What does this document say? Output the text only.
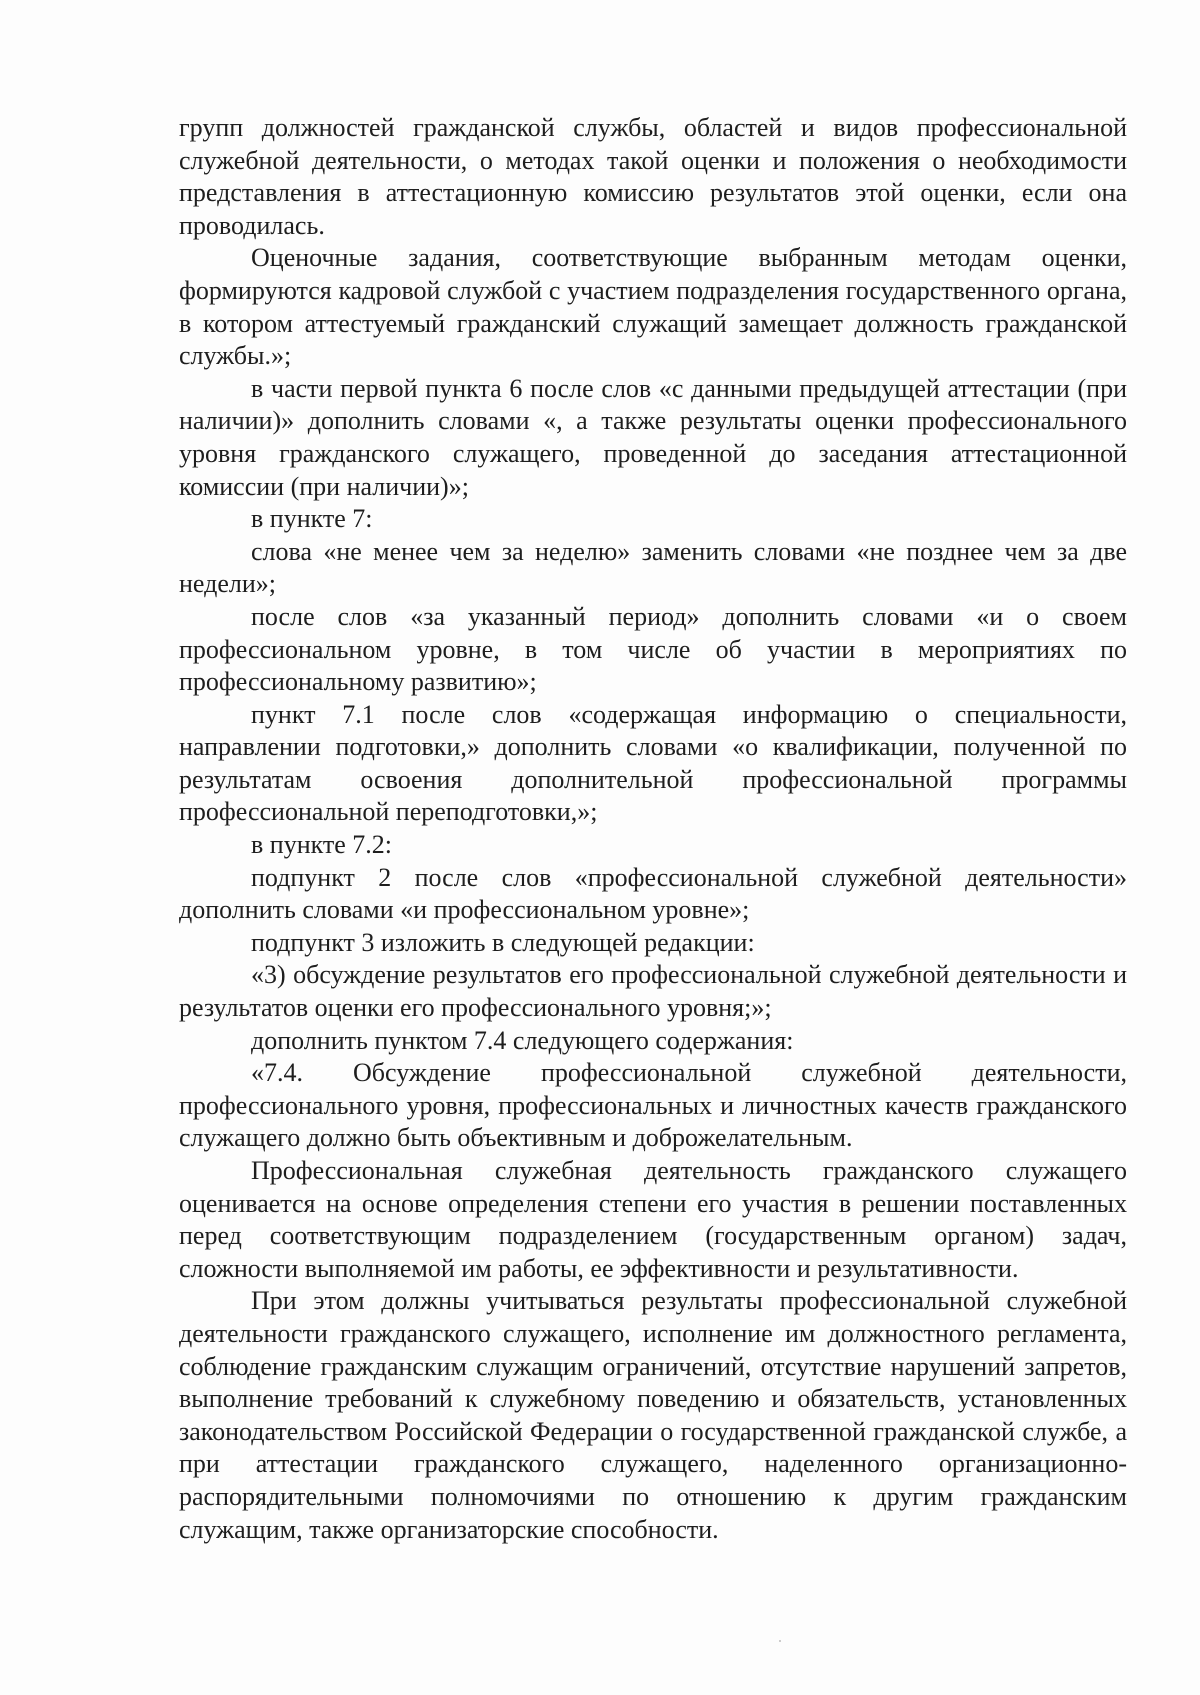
групп должностей гражданской службы, областей и видов профессиональной служебной деятельности, о методах такой оценки и положения о необходимости представления в аттестационную комиссию результатов этой оценки, если она проводилась.

Оценочные задания, соответствующие выбранным методам оценки, формируются кадровой службой с участием подразделения государственного органа, в котором аттестуемый гражданский служащий замещает должность гражданской службы.»;

в части первой пункта 6 после слов «с данными предыдущей аттестации (при наличии)» дополнить словами «, а также результаты оценки профессионального уровня гражданского служащего, проведенной до заседания аттестационной комиссии (при наличии)»;

в пункте 7:

слова «не менее чем за неделю» заменить словами «не позднее чем за две недели»;

после слов «за указанный период» дополнить словами «и о своем профессиональном уровне, в том числе об участии в мероприятиях по профессиональному развитию»;

пункт 7.1 после слов «содержащая информацию о специальности, направлении подготовки,» дополнить словами «о квалификации, полученной по результатам освоения дополнительной профессиональной программы профессиональной переподготовки,»;

в пункте 7.2:

подпункт 2 после слов «профессиональной служебной деятельности» дополнить словами «и профессиональном уровне»;

подпункт 3 изложить в следующей редакции:

«3) обсуждение результатов его профессиональной служебной деятельности и результатов оценки его профессионального уровня;»;

дополнить пунктом 7.4 следующего содержания:

«7.4. Обсуждение профессиональной служебной деятельности, профессионального уровня, профессиональных и личностных качеств гражданского служащего должно быть объективным и доброжелательным.

Профессиональная служебная деятельность гражданского служащего оценивается на основе определения степени его участия в решении поставленных перед соответствующим подразделением (государственным органом) задач, сложности выполняемой им работы, ее эффективности и результативности.

При этом должны учитываться результаты профессиональной служебной деятельности гражданского служащего, исполнение им должностного регламента, соблюдение гражданским служащим ограничений, отсутствие нарушений запретов, выполнение требований к служебному поведению и обязательств, установленных законодательством Российской Федерации о государственной гражданской службе, а при аттестации гражданского служащего, наделенного организационно-распорядительными полномочиями по отношению к другим гражданским служащим, также организаторские способности.
